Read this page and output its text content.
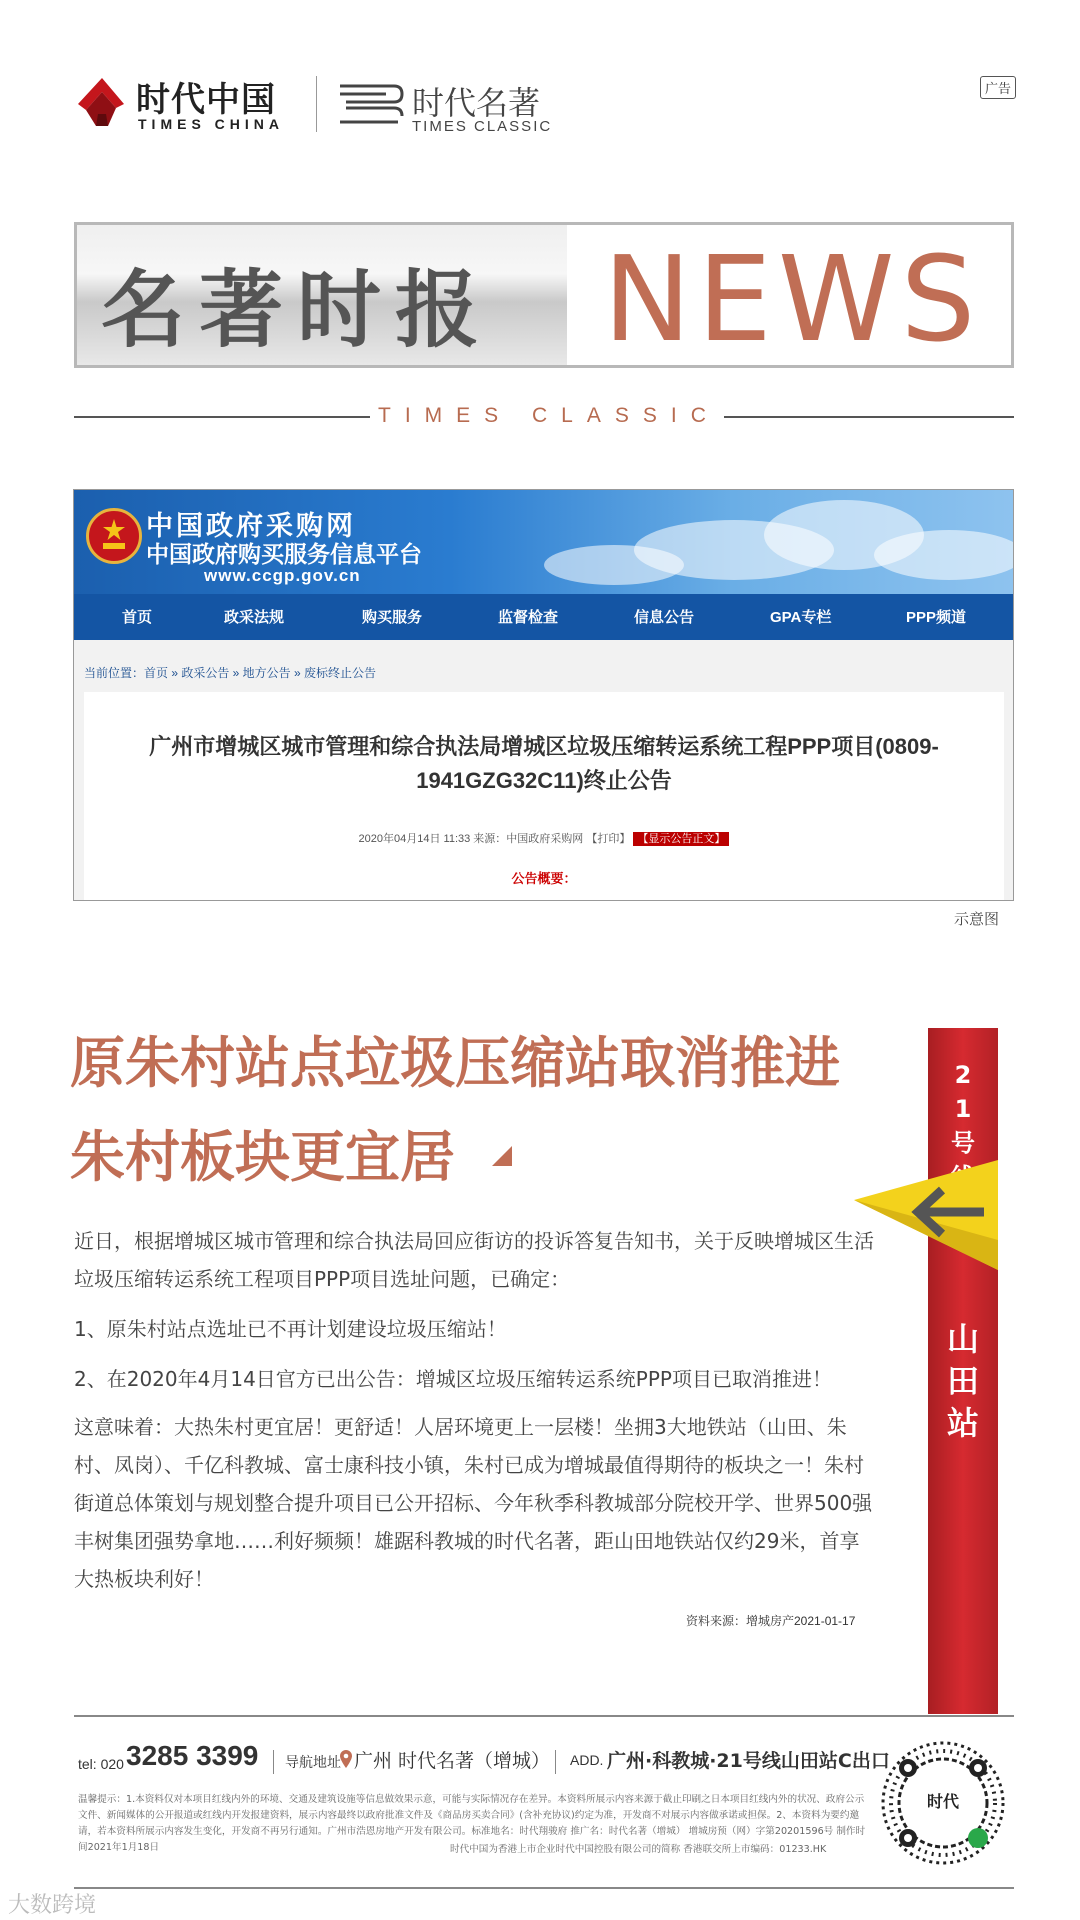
时代中国
TIMES CHINA
时代名著
TIMES CLASSIC
广告
名著时报 NEWS
TIMES CLASSIC
中国政府采购网
中国政府购买服务信息平台
www.ccgp.gov.cn
首页	政采法规	购买服务	监督检查	信息公告	GPA专栏	PPP频道
当前位置：首页 » 政采公告 » 地方公告 » 废标终止公告
广州市增城区城市管理和综合执法局增城区垃圾压缩转运系统工程PPP项目(0809-
1941GZG32C11)终止公告
2020年04月14日 11:33 来源：中国政府采购网 【打印】 【显示公告正文】
公告概要：
示意图
原朱村站点垃圾压缩站取消推进
朱村板块更宜居
近日，根据增城区城市管理和综合执法局回应街访的投诉答复告知书，关于反映增城区生活垃圾压缩转运系统工程项目PPP项目选址问题，已确定：
1、原朱村站点选址已不再计划建设垃圾压缩站！
2、在2020年4月14日官方已出公告：增城区垃圾压缩转运系统PPP项目已取消推进！
这意味着：大热朱村更宜居！更舒适！人居环境更上一层楼！坐拥3大地铁站（山田、朱村、凤岗）、千亿科教城、富士康科技小镇，朱村已成为增城最值得期待的板块之一！朱村街道总体策划与规划整合提升项目已公开招标、今年秋季科教城部分院校开学、世界500强丰树集团强势拿地……利好频频！雄踞科教城的时代名著，距山田地铁站仅约29米，首享大热板块利好！
资料来源：增城房产2021-01-17
21号
山田站
tel: 020 3285 3399 导航地址 广州 时代名著（增城） ADD. 广州·科教城·21号线山田站C出口
温馨提示：1.本资料仅对本项目红线内外的环境、交通及建筑设施等信息做效果示意，可能与实际情况存在差异。本资料所展示内容来源于截止印刷之日本项目红线内外的状况、政府公示文件、新闻媒体的公开报道或红线内开发报建资料，展示内容最终以政府批准文件及《商品房买卖合同》(含补充协议)约定为准，开发商不对展示内容做承诺或担保。2、本资料为要约邀请，若本资料所展示内容发生变化，开发商不再另行通知。广州市浩恩房地产开发有限公司。标准地名：时代翔骏府 推广名：时代名著（增城） 增城房预（网）字第20201596号 制作时间2021年1月18日	时代中国为香港上市企业时代中国控股有限公司的简称 香港联交所上市编码：01233.HK
时代
大数跨境
